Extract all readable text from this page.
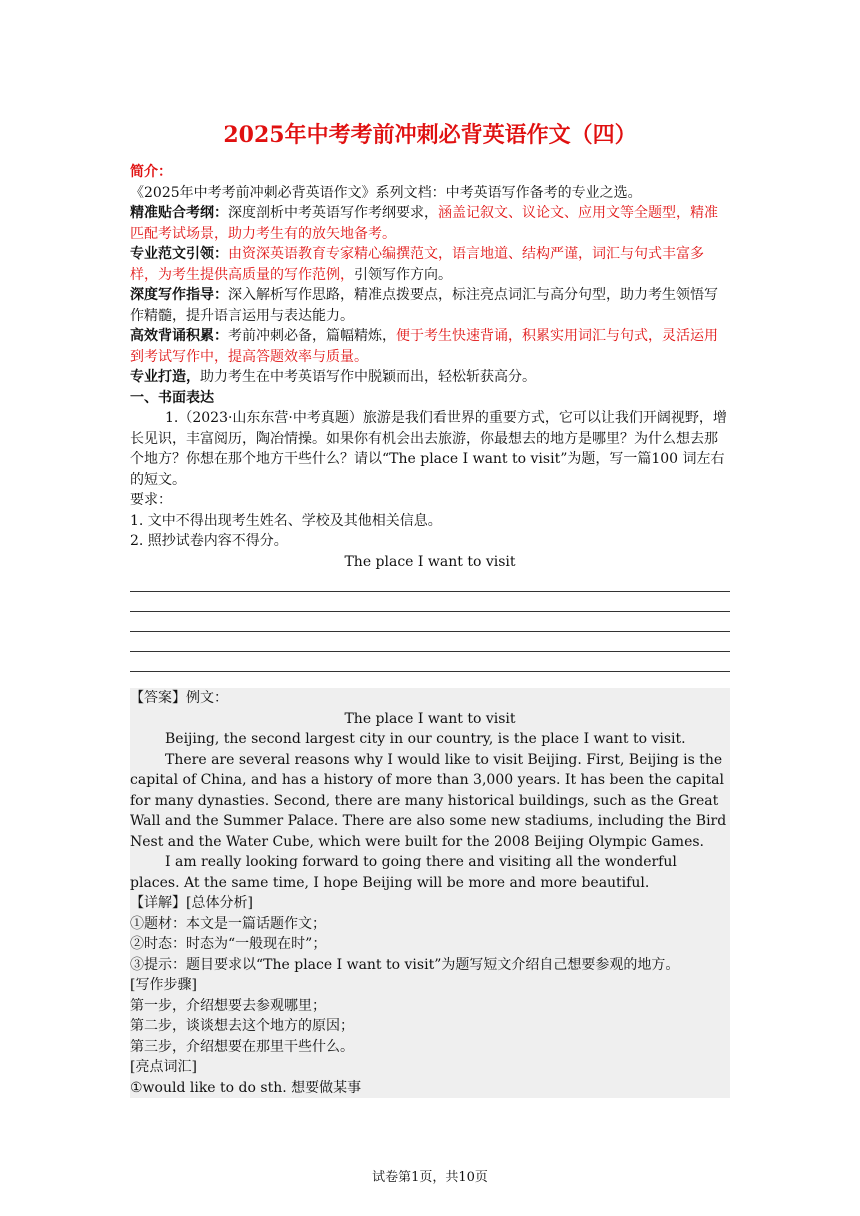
2025年中考考前冲刺必背英语作文（四）

简介：

《2025年中考考前冲刺必背英语作文》系列文档：中考英语写作备考的专业之选。

精准贴合考纲：深度剖析中考英语写作考纲要求，涵盖记叙文、议论文、应用文等全题型，精准匹配考试场景，助力考生有的放矢地备考。

专业范文引领：由资深英语教育专家精心编撰范文，语言地道、结构严谨，词汇与句式丰富多样，为考生提供高质量的写作范例，引领写作方向。

深度写作指导：深入解析写作思路，精准点拨要点，标注亮点词汇与高分句型，助力考生领悟写作精髓，提升语言运用与表达能力。

高效背诵积累：考前冲刺必备，篇幅精炼，便于考生快速背诵，积累实用词汇与句式，灵活运用到考试写作中，提高答题效率与质量。

专业打造，助力考生在中考英语写作中脱颖而出，轻松斩获高分。

一、书面表达

1.（2023·山东东营·中考真题）旅游是我们看世界的重要方式，它可以让我们开阔视野，增长见识，丰富阅历，陶冶情操。如果你有机会出去旅游，你最想去的地方是哪里？为什么想去那个地方？你想在那个地方干些什么？请以“The place I want to visit”为题，写一篇100 词左右的短文。

要求：

1. 文中不得出现考生姓名、学校及其他相关信息。

2. 照抄试卷内容不得分。

The place I want to visit

【答案】例文：

The place I want to visit

Beijing, the second largest city in our country, is the place I want to visit.

There are several reasons why I would like to visit Beijing. First, Beijing is the capital of China, and has a history of more than 3,000 years. It has been the capital for many dynasties. Second, there are many historical buildings, such as the Great Wall and the Summer Palace. There are also some new stadiums, including the Bird Nest and the Water Cube, which were built for the 2008 Beijing Olympic Games.

I am really looking forward to going there and visiting all the wonderful places. At the same time, I hope Beijing will be more and more beautiful.

【详解】[总体分析]

①题材：本文是一篇话题作文；

②时态：时态为“一般现在时”；

③提示：题目要求以“The place I want to visit”为题写短文介绍自己想要参观的地方。

[写作步骤]

第一步，介绍想要去参观哪里；

第二步，谈谈想去这个地方的原因；

第三步，介绍想要在那里干些什么。

[亮点词汇]

①would like to do sth. 想要做某事

试卷第1页，共10页
